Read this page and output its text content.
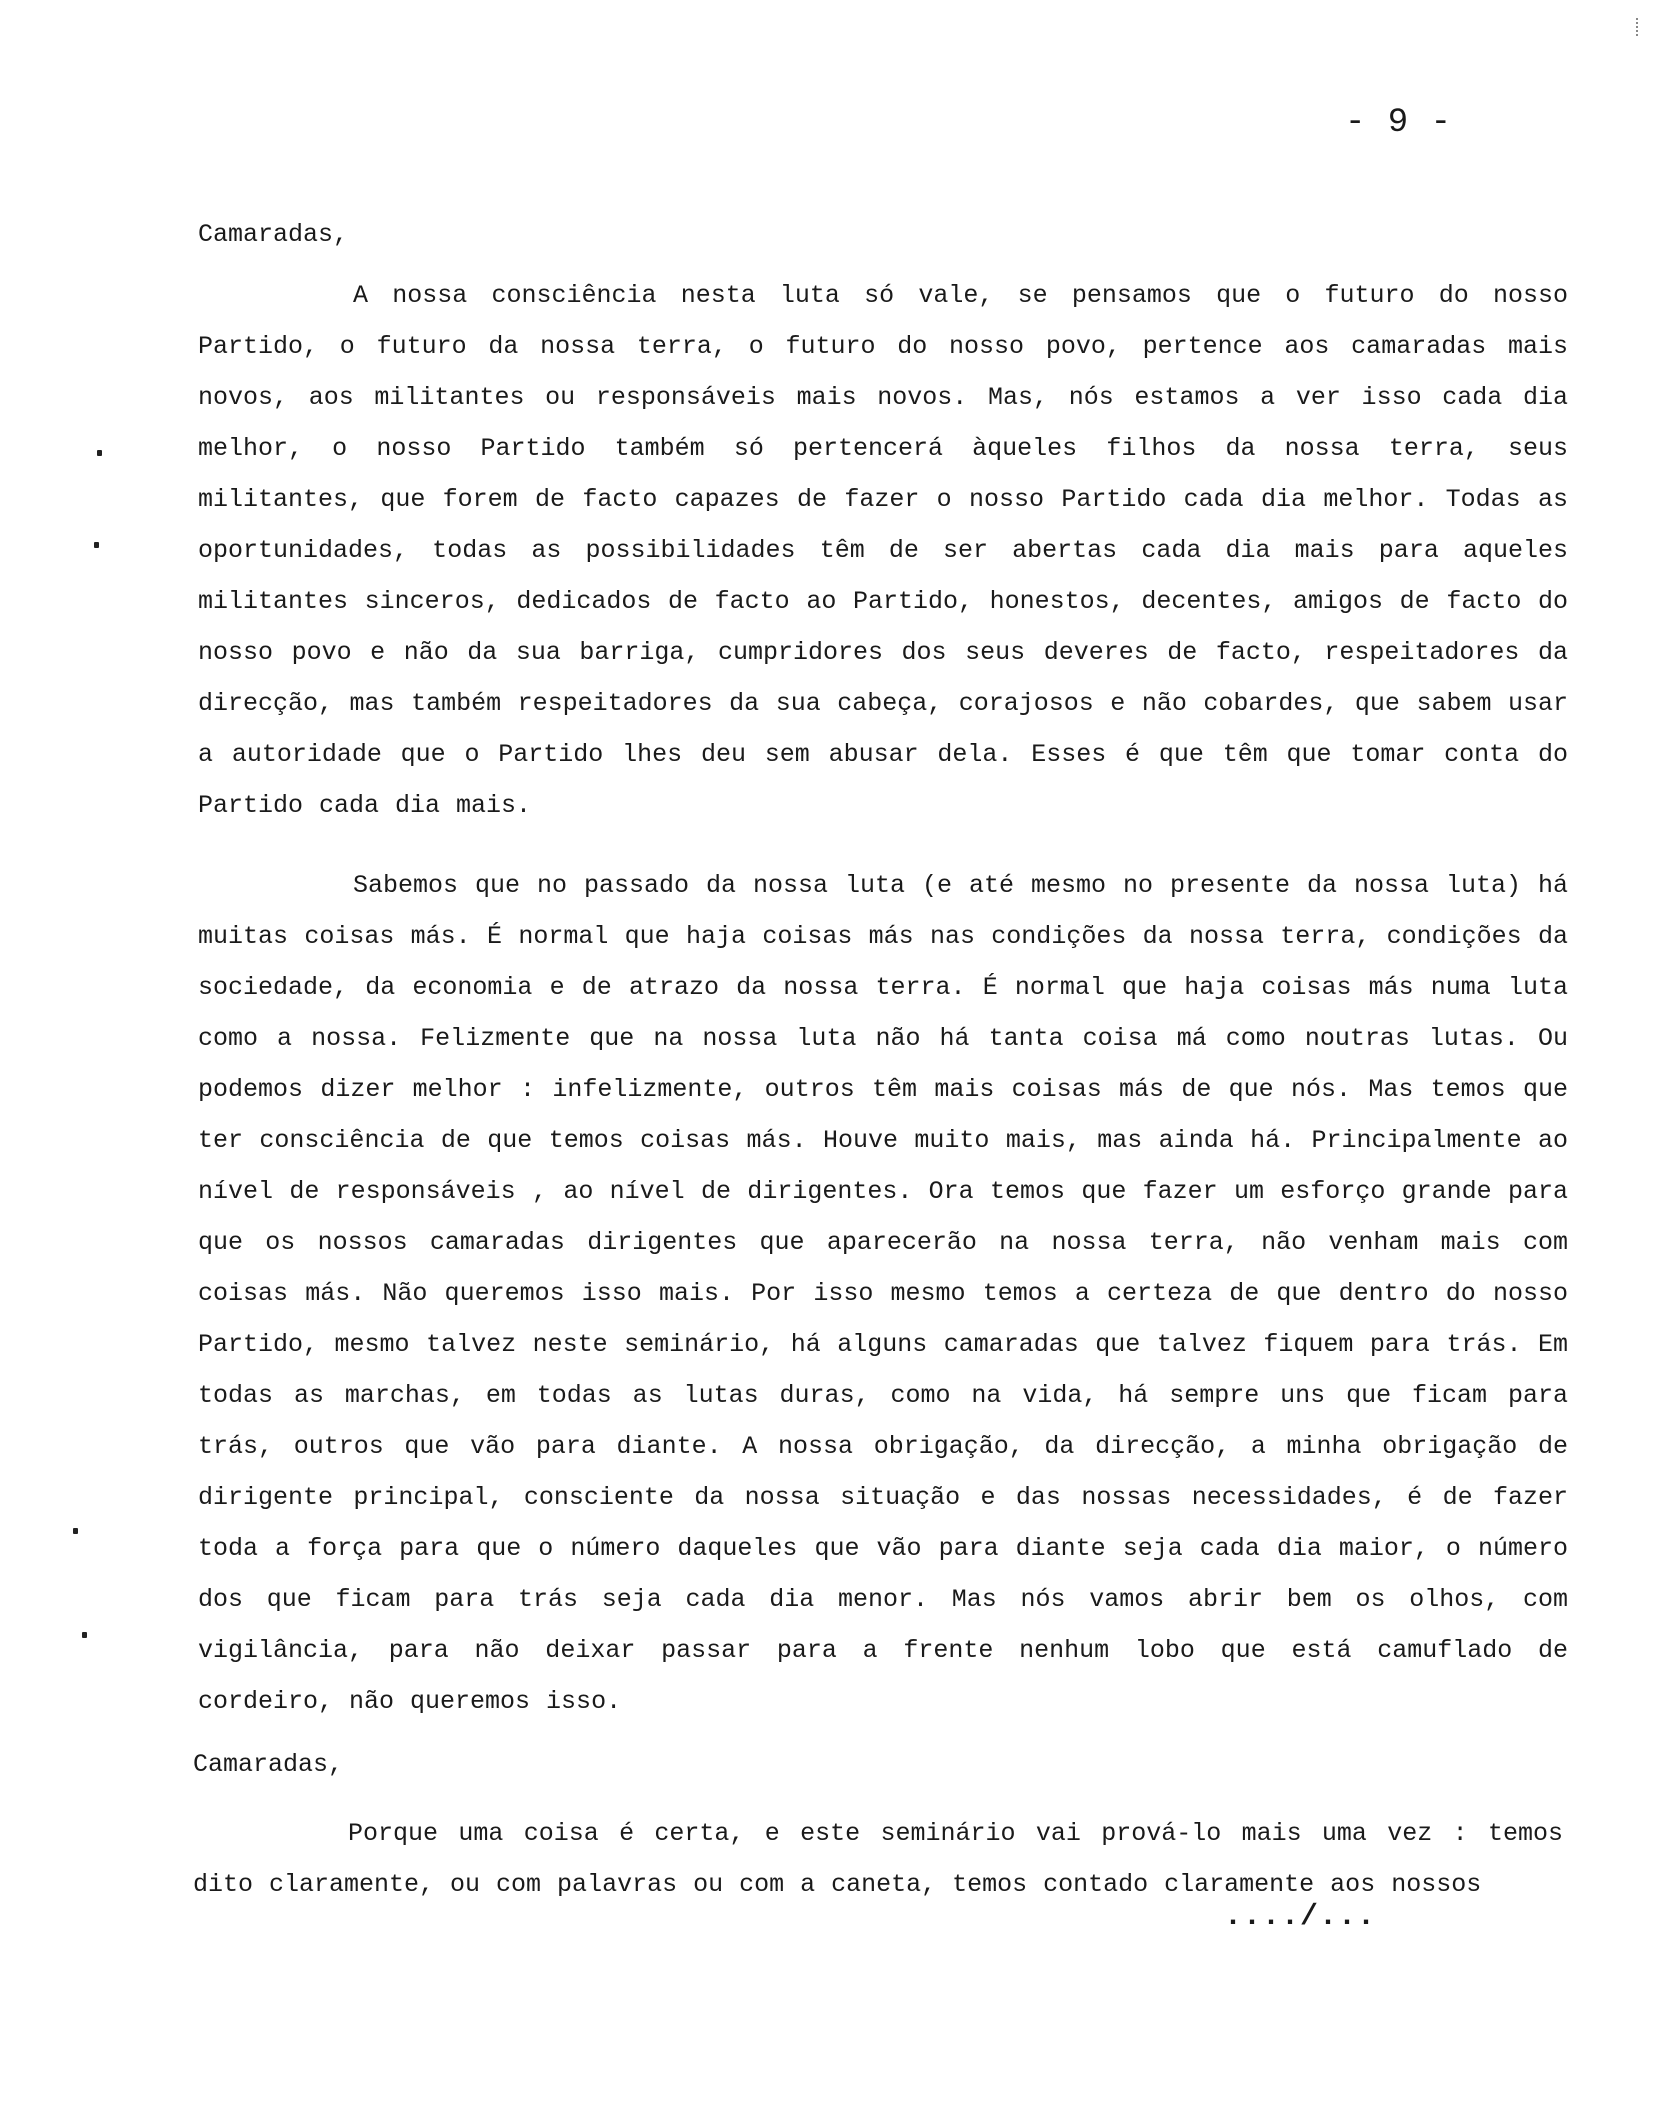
- 9 -
Camaradas,

A nossa consciência nesta luta só vale, se pensamos que o futuro do nosso Partido, o futuro da nossa terra, o futuro do nosso povo, pertence aos camaradas mais novos, aos militantes ou responsáveis mais novos. Mas, nós estamos a ver isso cada dia melhor, o nosso Partido também só pertencerá àqueles filhos da nossa terra, seus militantes, que forem de facto capazes de fazer o nosso Partido cada dia melhor. Todas as oportunidades, todas as possibilidades têm de ser abertas cada dia mais para aqueles militantes sinceros, dedicados de facto ao Partido, honestos, decentes, amigos de facto do nosso povo e não da sua barriga, cumpridores dos seus deveres de facto, respeitadores da direcção, mas também respeitadores da sua cabeça, corajosos e não cobardes, que sabem usar a autoridade que o Partido lhes deu sem abusar dela. Esses é que têm que tomar conta do Partido cada dia mais.

Sabemos que no passado da nossa luta (e até mesmo no presente da nossa luta) há muitas coisas más. É normal que haja coisas más nas condições da nossa terra, condições da sociedade, da economia e de atrazo da nossa terra. É normal que haja coisas más numa luta como a nossa. Felizmente que na nossa luta não há tanta coisa má como noutras lutas. Ou podemos dizer melhor : infelizmente, outros têm mais coisas más de que nós. Mas temos que ter consciência de que temos coisas más. Houve muito mais, mas ainda há. Principalmente ao nível de responsáveis , ao nível de dirigentes. Ora temos que fazer um esforço grande para que os nossos camaradas dirigentes que aparecerão na nossa terra, não venham mais com coisas más. Não queremos isso mais. Por isso mesmo temos a certeza de que dentro do nosso Partido, mesmo talvez neste seminário, há alguns camaradas que talvez fiquem para trás. Em todas as marchas, em todas as lutas duras, como na vida, há sempre uns que ficam para trás, outros que vão para diante. A nossa obrigação, da direcção, a minha obrigação de dirigente principal, consciente da nossa situação e das nossas necessidades, é de fazer toda a força para que o número daqueles que vão para diante seja cada dia maior, o número dos que ficam para trás seja cada dia menor. Mas nós vamos abrir bem os olhos, com vigilância, para não deixar passar para a frente nenhum lobo que está camuflado de cordeiro, não queremos isso.

Camaradas,

Porque uma coisa é certa, e este seminário vai prová-lo mais uma vez : temos dito claramente, ou com palavras ou com a caneta, temos contado claramente aos nossos

..../...
